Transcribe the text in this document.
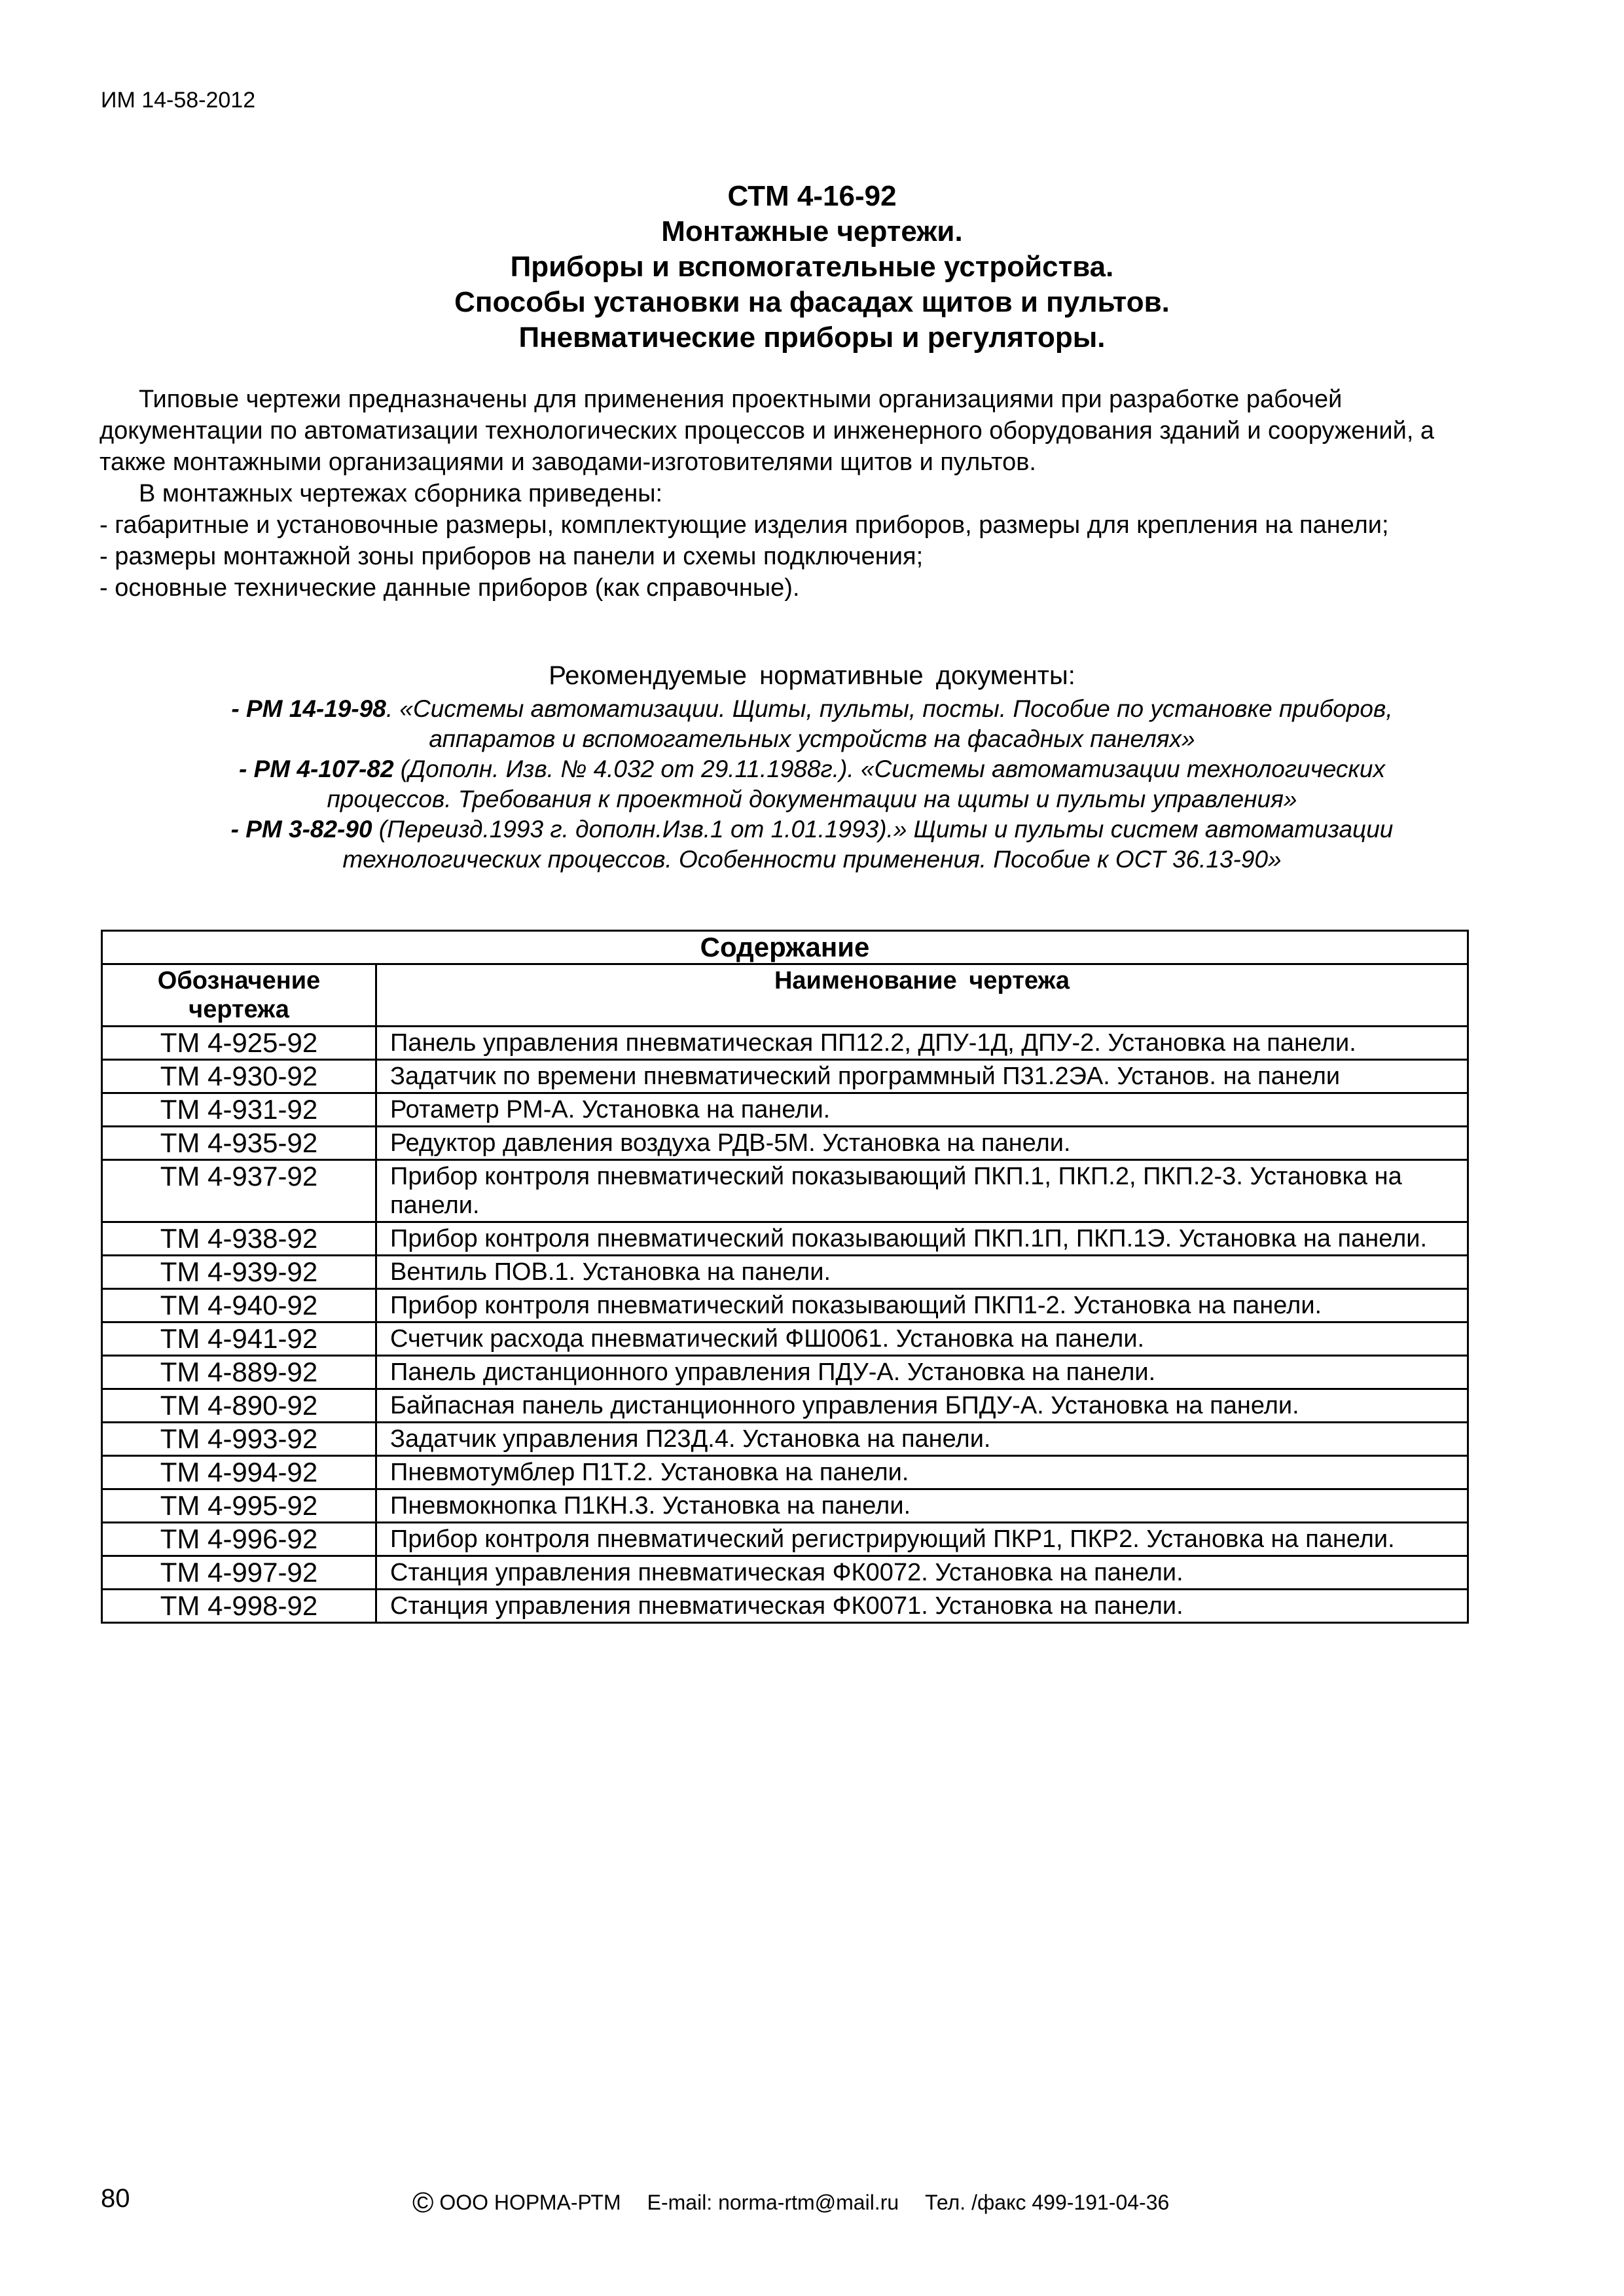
ИМ 14-58-2012
СТМ 4-16-92
Монтажные чертежи.
Приборы и вспомогательные устройства.
Способы установки на фасадах щитов и пультов.
Пневматические приборы и регуляторы.

Типовые чертежи предназначены для применения проектными организациями при разработке рабочей документации по автоматизации технологических процессов и инженерного оборудования зданий и сооружений, а также монтажными организациями и заводами-изготовителями щитов и пультов.

В монтажных чертежах сборника приведены:

- габаритные и установочные размеры, комплектующие изделия приборов, размеры для крепления на панели;

- размеры монтажной зоны приборов на панели и схемы подключения;

- основные технические данные приборов (как справочные).

Рекомендуемые нормативные документы:
- РМ 14-19-98. «Системы автоматизации. Щиты, пульты, посты. Пособие по установке приборов,
аппаратов и вспомогательных устройств на фасадных панелях»
- РМ 4-107-82 (Дополн. Изв. № 4.032 от 29.11.1988г.). «Системы автоматизации технологических
процессов. Требования к проектной документации на щиты и пульты управления»
- РМ 3-82-90 (Переизд.1993 г. дополн.Изв.1 от 1.01.1993).» Щиты и пульты систем автоматизации
технологических процессов. Особенности применения. Пособие к ОСТ 36.13-90»
Содержание	
Обозначение чертежа	Наименование чертежа
ТМ 4-925-92	Панель управления пневматическая ПП12.2, ДПУ-1Д, ДПУ-2. Установка на панели.
ТМ 4-930-92	Задатчик по времени пневматический программный П31.2ЭА. Установ. на панели
ТМ 4-931-92	Ротаметр РМ-А. Установка на панели.
ТМ 4-935-92	Редуктор давления воздуха РДВ-5М. Установка на панели.
ТМ 4-937-92	Прибор контроля пневматический показывающий ПКП.1, ПКП.2, ПКП.2-3. Установка на панели.
ТМ 4-938-92	Прибор контроля пневматический показывающий ПКП.1П, ПКП.1Э. Установка на панели.
ТМ 4-939-92	Вентиль ПОВ.1. Установка на панели.
ТМ 4-940-92	Прибор контроля пневматический показывающий ПКП1-2. Установка на панели.
ТМ 4-941-92	Счетчик расхода пневматический ФШ0061. Установка на панели.
ТМ 4-889-92	Панель дистанционного управления ПДУ-А. Установка на панели.
ТМ 4-890-92	Байпасная панель дистанционного управления БПДУ-А. Установка на панели.
ТМ 4-993-92	Задатчик управления П23Д.4. Установка на панели.
ТМ 4-994-92	Пневмотумблер П1Т.2. Установка на панели.
ТМ 4-995-92	Пневмокнопка П1КН.3. Установка на панели.
ТМ 4-996-92	Прибор контроля пневматический регистрирующий ПКР1, ПКР2. Установка на панели.
ТМ 4-997-92	Станция управления пневматическая ФК0072. Установка на панели.
ТМ 4-998-92	Станция управления пневматическая ФК0071. Установка на панели.
80	© ООО НОРМА-РТМ E-mail: norma-rtm@mail.ru Тел. /факс 499-191-04-36
